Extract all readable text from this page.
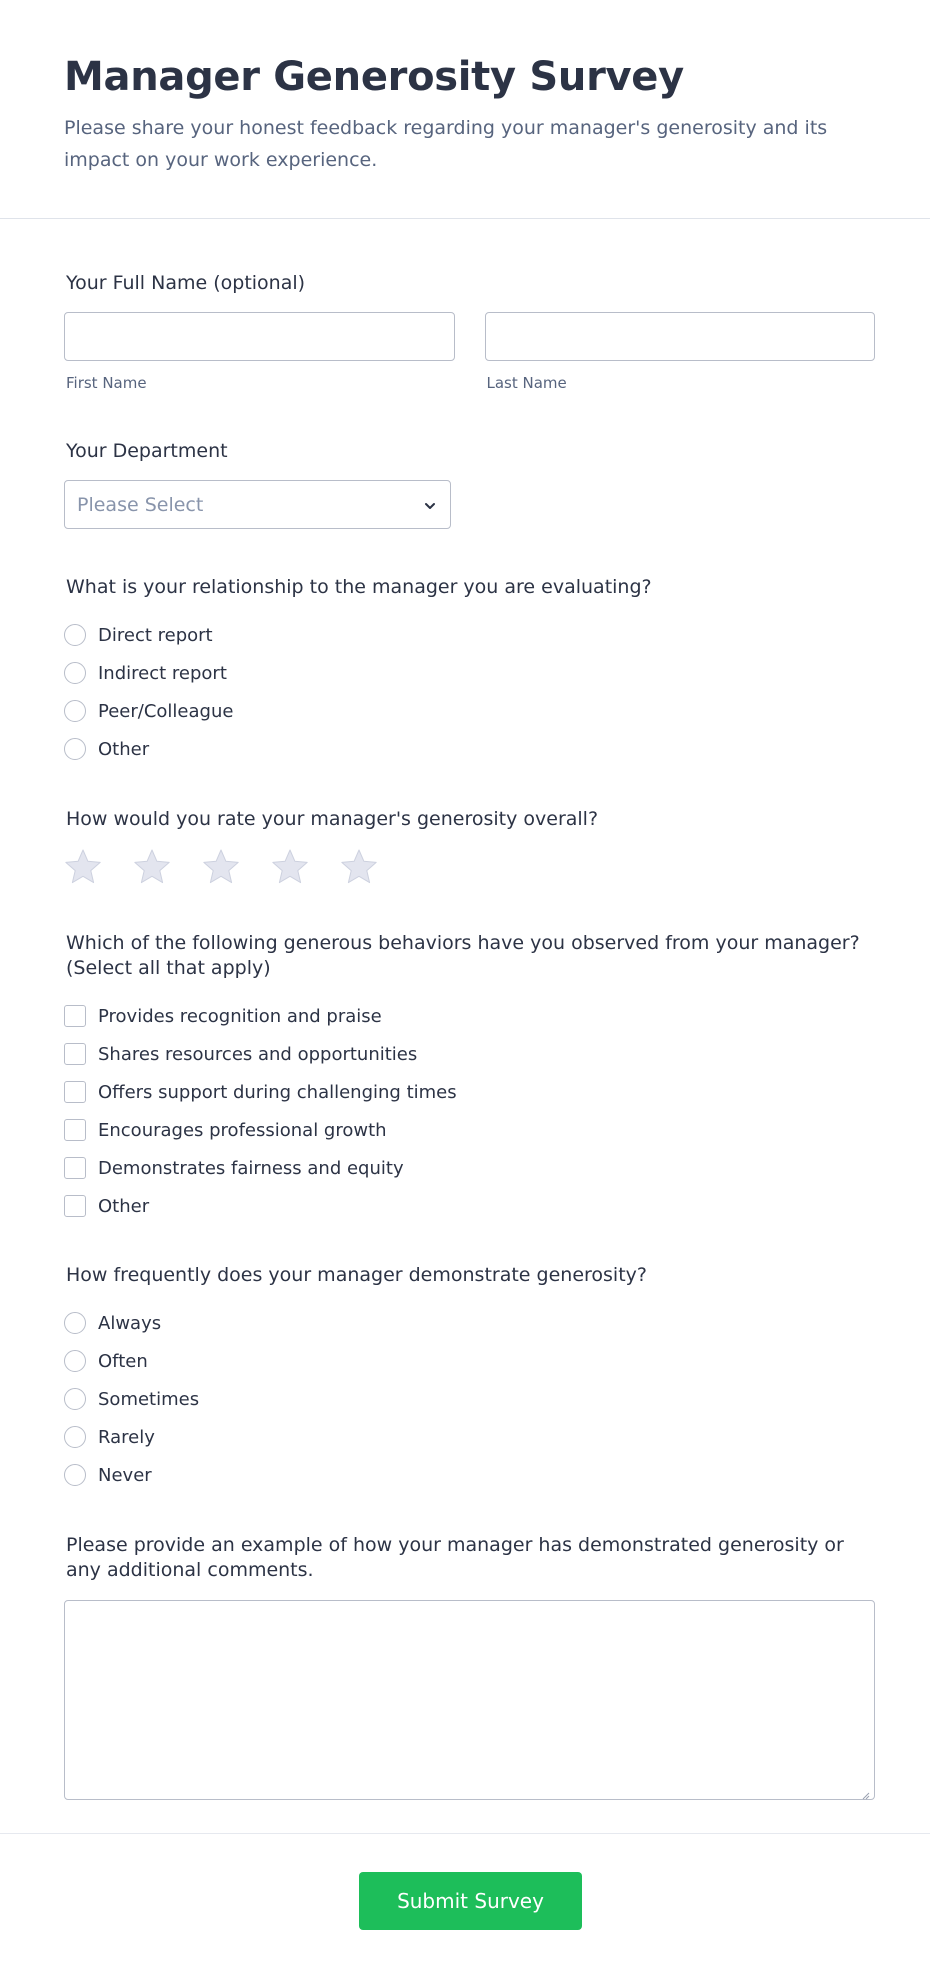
Manager Generosity Survey

Please share your honest feedback regarding your manager's generosity and its impact on your work experience.

Your Full Name (optional)
First Name	Last Name
Your Department
Please Select
What is your relationship to the manager you are evaluating?
Direct report
Indirect report
Peer/Colleague
Other
How would you rate your manager's generosity overall?
Which of the following generous behaviors have you observed from your manager? (Select all that apply)
Provides recognition and praise
Shares resources and opportunities
Offers support during challenging times
Encourages professional growth
Demonstrates fairness and equity
Other
How frequently does your manager demonstrate generosity?
Always
Often
Sometimes
Rarely
Never
Please provide an example of how your manager has demonstrated generosity or any additional comments.
Submit Survey
